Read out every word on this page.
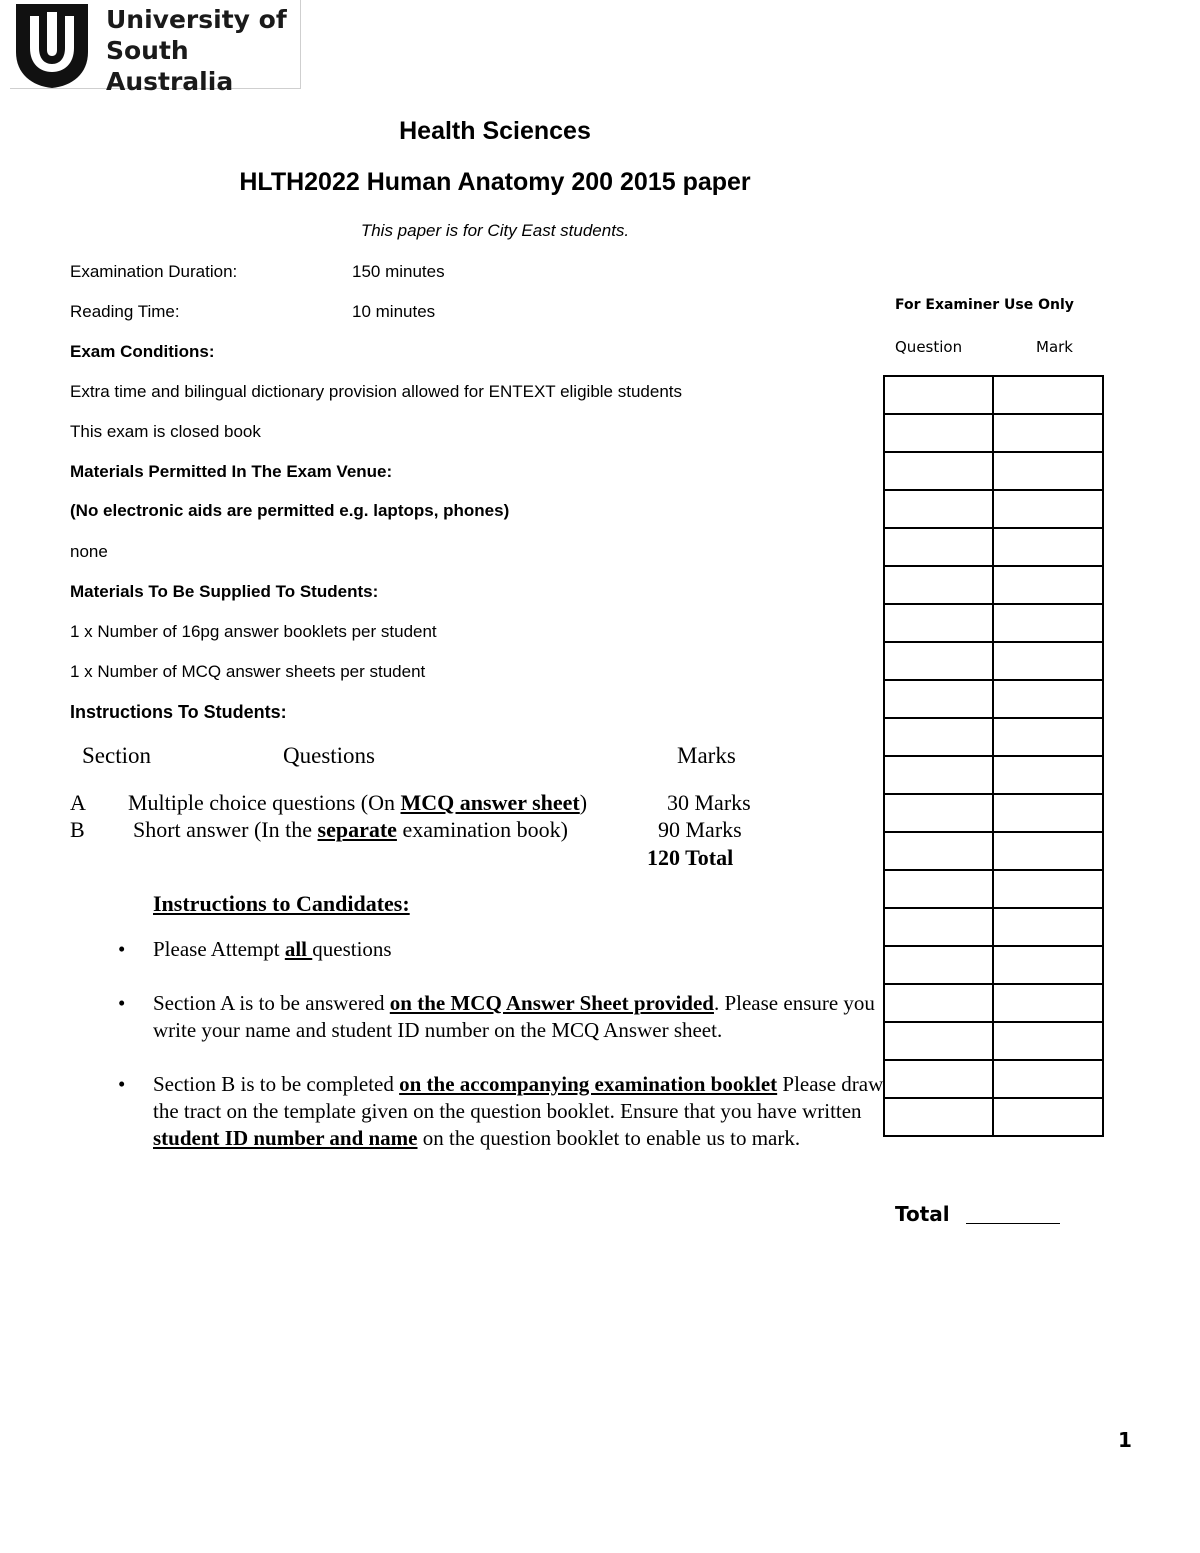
University of
South Australia
Health Sciences
HLTH2022 Human Anatomy 200 2015 paper
This paper is for City East students.
Examination Duration:	150 minutes
Reading Time:	10 minutes
Exam Conditions:
Extra time and bilingual dictionary provision allowed for ENTEXT eligible students
This exam is closed book
Materials Permitted In The Exam Venue:
(No electronic aids are permitted e.g. laptops, phones)
none
Materials To Be Supplied To Students:
1 x Number of 16pg answer booklets per student
1 x Number of MCQ answer sheets per student
Instructions To Students:
Section	Questions	Marks
A Multiple choice questions (On MCQ answer sheet)	30 Marks
B Short answer (In the separate examination book)	90 Marks
120 Total
Instructions to Candidates:
• Please Attempt all questions
• Section A is to be answered on the MCQ Answer Sheet provided. Please ensure you write your name and student ID number on the MCQ Answer sheet.
• Section B is to be completed on the accompanying examination booklet Please draw the tract on the template given on the question booklet. Ensure that you have written student ID number and name on the question booklet to enable us to mark.
For Examiner Use Only
Question	Mark

Total
1
